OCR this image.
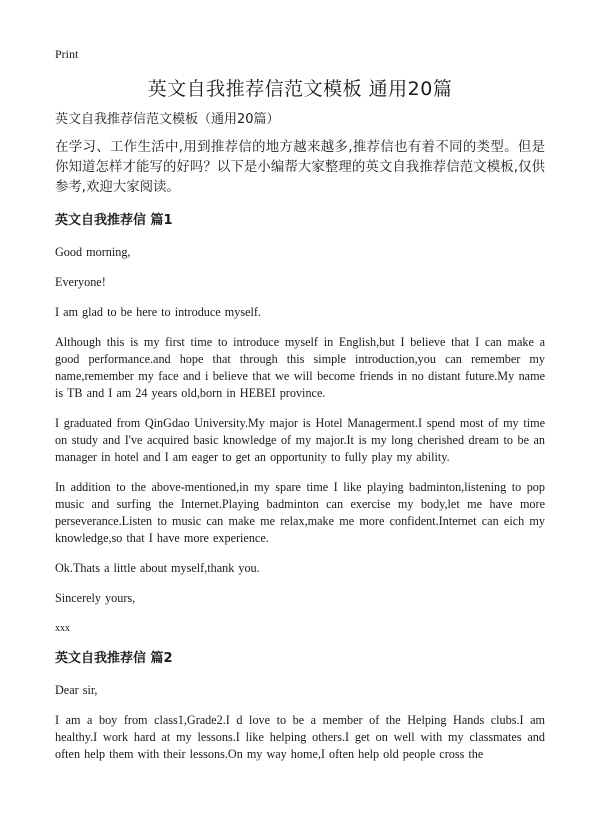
Print
英文自我推荐信范文模板 通用20篇
英文自我推荐信范文模板（通用20篇）

在学习、工作生活中,用到推荐信的地方越来越多,推荐信也有着不同的类型。但是你知道怎样才能写的好吗？以下是小编帮大家整理的英文自我推荐信范文模板,仅供参考,欢迎大家阅读。

英文自我推荐信 篇1

Good morning,

Everyone!

I am glad to be here to introduce myself.

Although this is my first time to introduce myself in English,but I believe that I can make a good performance.and hope that through this simple introduction,you can remember my name,remember my face and i believe that we will become friends in no distant future.My name is TB and I am 24 years old,born in HEBEI province.

I graduated from QinGdao University.My major is Hotel Managerment.I spend most of my time on study and I've acquired basic knowledge of my major.It is my long cherished dream to be an manager in hotel and I am eager to get an opportunity to fully play my ability.

In addition to the above-mentioned,in my spare time I like playing badminton,listening to pop music and surfing the Internet.Playing badminton can exercise my body,let me have more perseverance.Listen to music can make me relax,make me more confident.Internet can eich my knowledge,so that I have more experience.

Ok.Thats a little about myself,thank you.

Sincerely yours,

xxx

英文自我推荐信 篇2

Dear sir,

I am a boy from class1,Grade2.I d love to be a member of the Helping Hands clubs.I am healthy.I work hard at my lessons.I like helping others.I get on well with my classmates and often help them with their lessons.On my way home,I often help old people cross the
